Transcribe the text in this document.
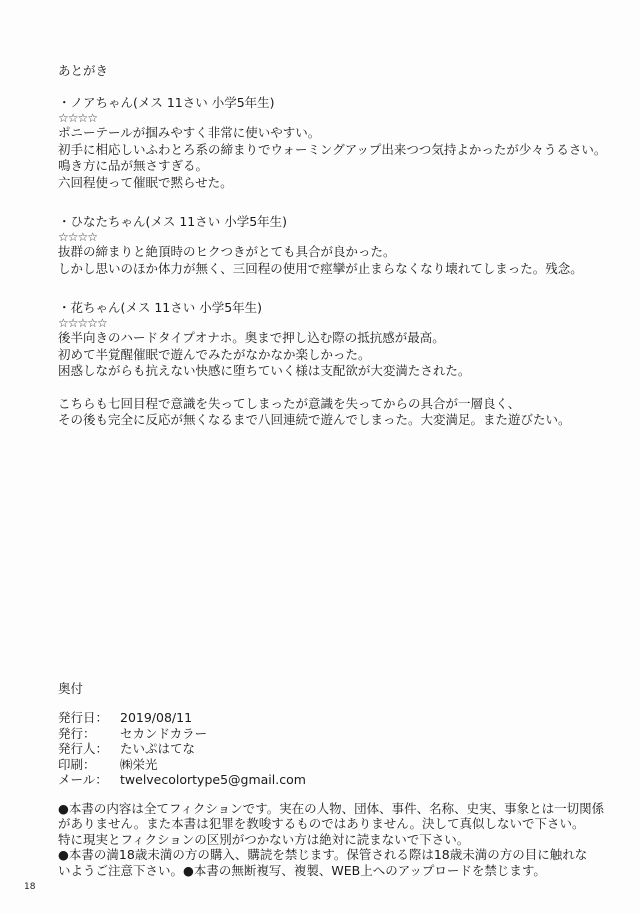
あとがき

・ノアちゃん(メス 11さい 小学5年生)

☆☆☆☆

ポニーテールが掴みやすく非常に使いやすい。

初手に相応しいふわとろ系の締まりでウォーミングアップ出来つつ気持よかったが少々うるさい。

鳴き方に品が無さすぎる。

六回程使って催眠で黙らせた。

・ひなたちゃん(メス 11さい 小学5年生)

☆☆☆☆

抜群の締まりと絶頂時のヒクつきがとても具合が良かった。

しかし思いのほか体力が無く、三回程の使用で痙攣が止まらなくなり壊れてしまった。残念。

・花ちゃん(メス 11さい 小学5年生)

☆☆☆☆☆

後半向きのハードタイプオナホ。奥まで押し込む際の抵抗感が最高。

初めて半覚醒催眠で遊んでみたがなかなか楽しかった。

困惑しながらも抗えない快感に堕ちていく様は支配欲が大変満たされた。

こちらも七回目程で意識を失ってしまったが意識を失ってからの具合が一層良く、

その後も完全に反応が無くなるまで八回連続で遊んでしまった。大変満足。また遊びたい。

奥付

発行日： 2019/08/11
発行：	セカンドカラー
発行人： たいぷはてな
印刷：	㈱栄光
メール： twelvecolortype5@gmail.com

●本書の内容は全てフィクションです。実在の人物、団体、事件、名称、史実、事象とは一切関係

がありません。また本書は犯罪を教唆するものではありません。決して真似しないで下さい。

特に現実とフィクションの区別がつかない方は絶対に読まないで下さい。

●本書の満18歳未満の方の購入、購読を禁じます。保管される際は18歳未満の方の目に触れな

いようご注意下さい。●本書の無断複写、複製、WEB上へのアップロードを禁じます。

18
